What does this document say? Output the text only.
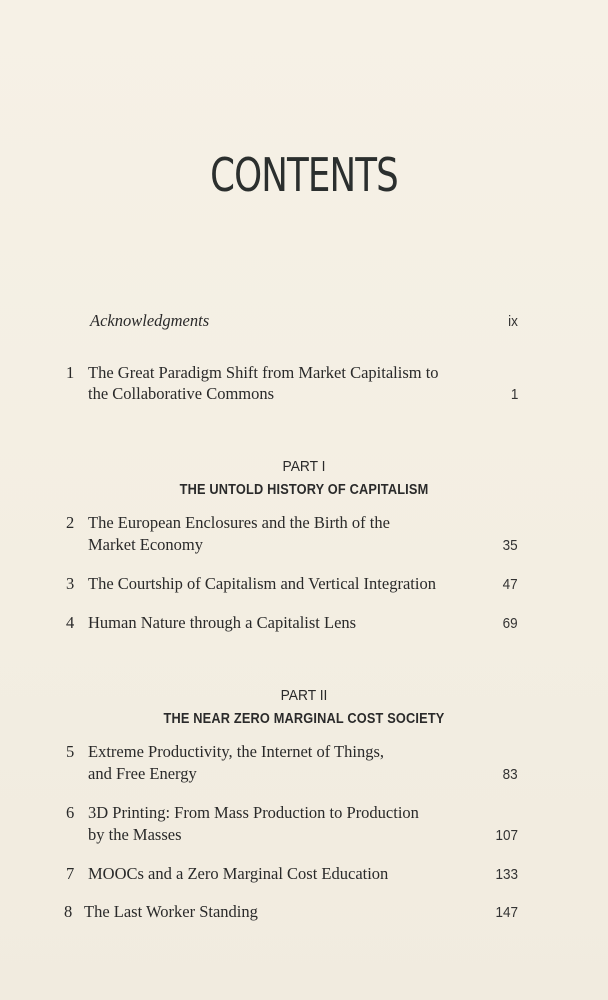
CONTENTS
Acknowledgments	ix
1 The Great Paradigm Shift from Market Capitalism to
the Collaborative Commons	1
PART I
THE UNTOLD HISTORY OF CAPITALISM
2 The European Enclosures and the Birth of the
Market Economy	35
3 The Courtship of Capitalism and Vertical Integration	47
4 Human Nature through a Capitalist Lens	69
PART II
THE NEAR ZERO MARGINAL COST SOCIETY
5 Extreme Productivity, the Internet of Things,
and Free Energy	83
6 3D Printing: From Mass Production to Production
by the Masses	107
7 MOOCs and a Zero Marginal Cost Education	133
8 The Last Worker Standing	147
